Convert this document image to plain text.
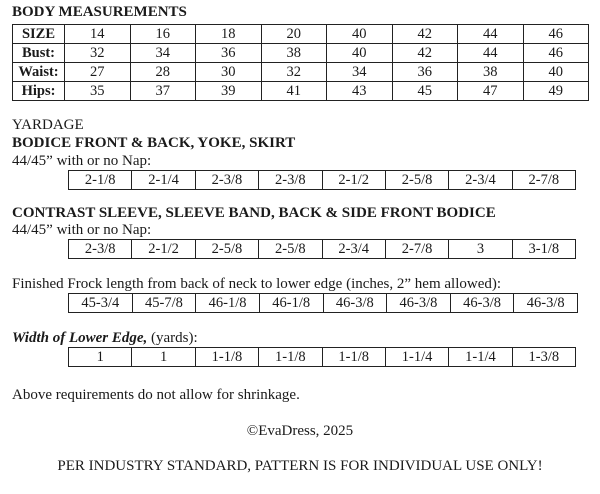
BODY MEASUREMENTS
SIZE	14	16	18	20	40	42	44	46
Bust:	32	34	36	38	40	42	44	46
Waist:	27	28	30	32	34	36	38	40
Hips:	35	37	39	41	43	45	47	49
YARDAGE
BODICE FRONT & BACK, YOKE, SKIRT
44/45” with or no Nap:
2-1/8	2-1/4	2-3/8	2-3/8	2-1/2	2-5/8	2-3/4	2-7/8
CONTRAST SLEEVE, SLEEVE BAND, BACK & SIDE FRONT BODICE
44/45” with or no Nap:
2-3/8	2-1/2	2-5/8	2-5/8	2-3/4	2-7/8	3	3-1/8
Finished Frock length from back of neck to lower edge (inches, 2” hem allowed):
45-3/4	45-7/8	46-1/8	46-1/8	46-3/8	46-3/8	46-3/8	46-3/8
Width of Lower Edge, (yards):
1	1	1-1/8	1-1/8	1-1/8	1-1/4	1-1/4	1-3/8
Above requirements do not allow for shrinkage.
©EvaDress, 2025
PER INDUSTRY STANDARD, PATTERN IS FOR INDIVIDUAL USE ONLY!
